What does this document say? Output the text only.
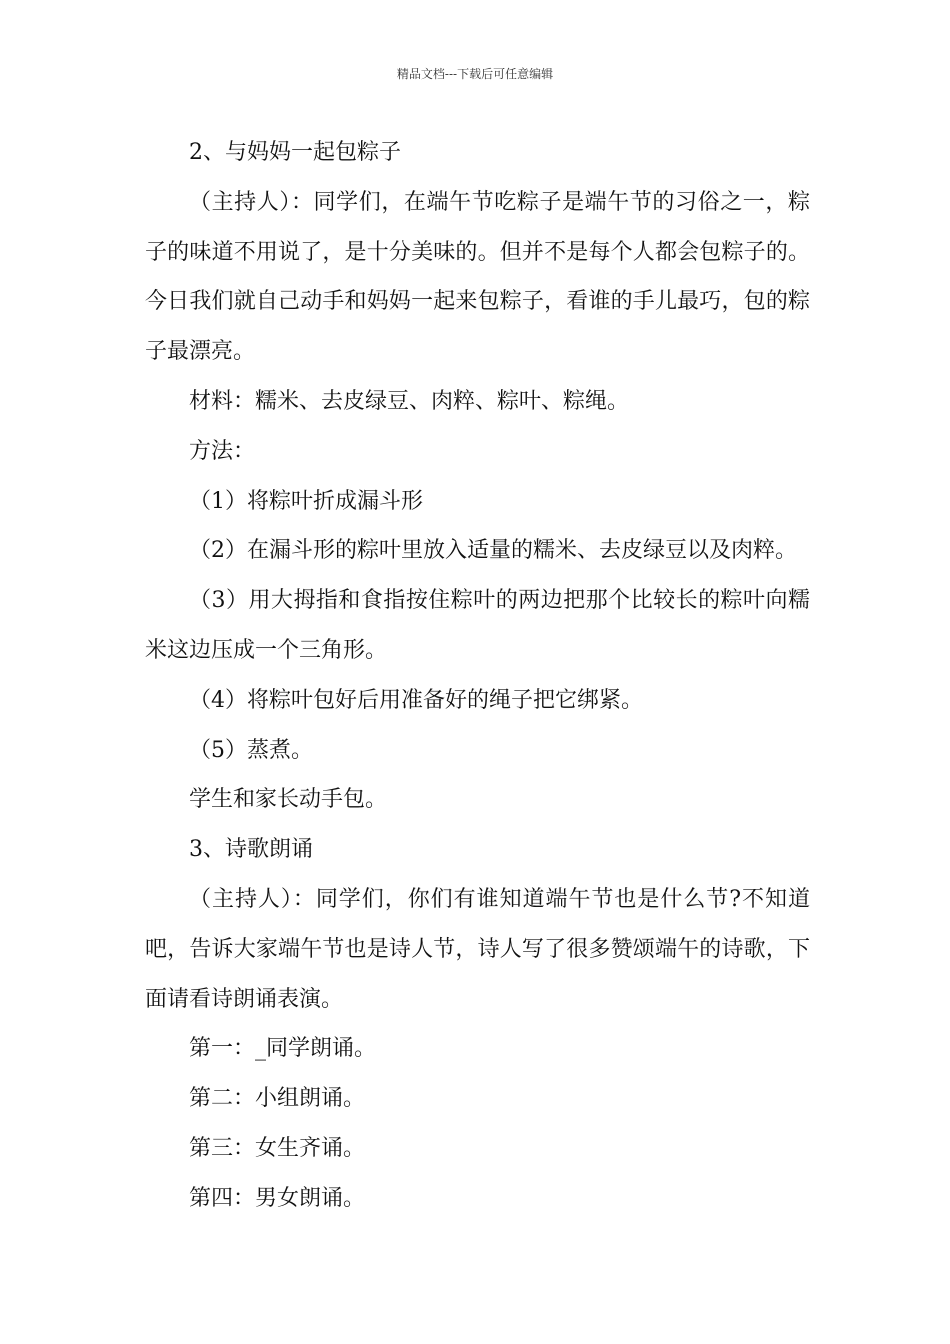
精品文档---下载后可任意编辑

2、与妈妈一起包粽子

（主持人）：同学们，在端午节吃粽子是端午节的习俗之一，粽子的味道不用说了，是十分美味的。但并不是每个人都会包粽子的。今日我们就自己动手和妈妈一起来包粽子，看谁的手儿最巧，包的粽子最漂亮。

材料：糯米、去皮绿豆、肉粹、粽叶、粽绳。

方法：

（1）将粽叶折成漏斗形

（2）在漏斗形的粽叶里放入适量的糯米、去皮绿豆以及肉粹。

（3）用大拇指和食指按住粽叶的两边把那个比较长的粽叶向糯米这边压成一个三角形。

（4）将粽叶包好后用准备好的绳子把它绑紧。

（5）蒸煮。

学生和家长动手包。

3、诗歌朗诵

（主持人）：同学们，你们有谁知道端午节也是什么节?不知道吧，告诉大家端午节也是诗人节，诗人写了很多赞颂端午的诗歌，下面请看诗朗诵表演。

第一：_同学朗诵。

第二：小组朗诵。

第三：女生齐诵。

第四：男女朗诵。
